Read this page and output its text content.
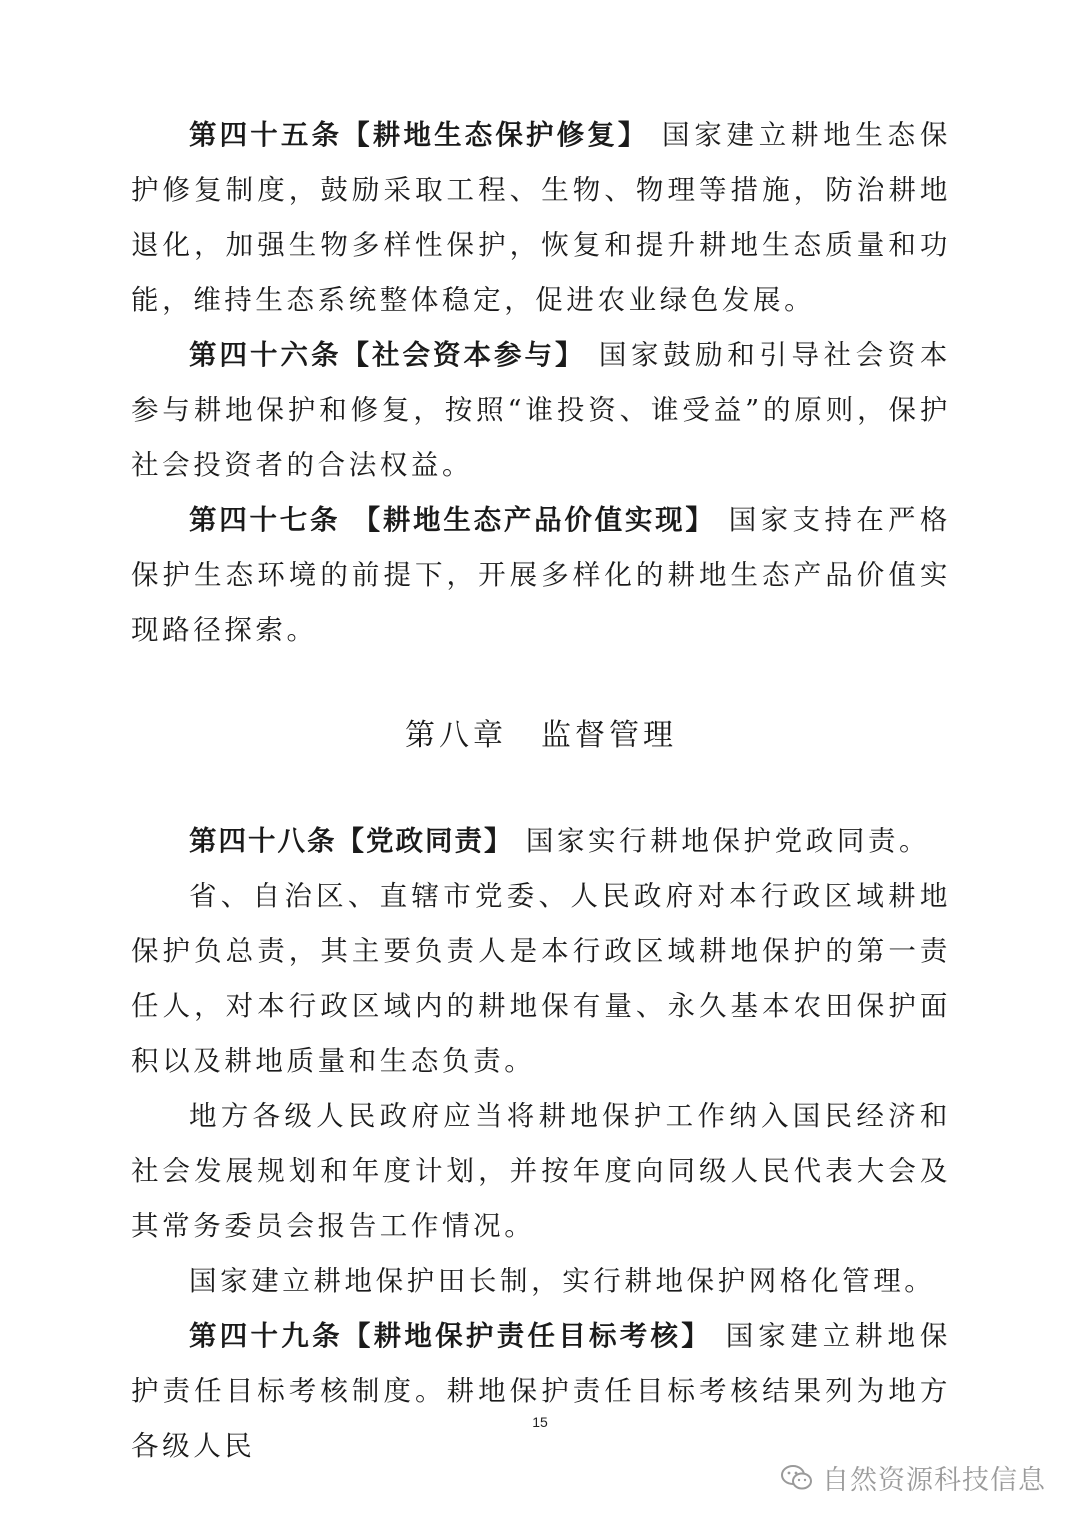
第四十五条【耕地生态保护修复】 国家建立耕地生态保护修复制度，鼓励采取工程、生物、物理等措施，防治耕地退化，加强生物多样性保护，恢复和提升耕地生态质量和功能，维持生态系统整体稳定，促进农业绿色发展。

第四十六条【社会资本参与】 国家鼓励和引导社会资本参与耕地保护和修复，按照“谁投资、谁受益”的原则，保护社会投资者的合法权益。

第四十七条 【耕地生态产品价值实现】 国家支持在严格保护生态环境的前提下，开展多样化的耕地生态产品价值实现路径探索。

第八章　监督管理

第四十八条【党政同责】 国家实行耕地保护党政同责。

省、自治区、直辖市党委、人民政府对本行政区域耕地保护负总责，其主要负责人是本行政区域耕地保护的第一责任人，对本行政区域内的耕地保有量、永久基本农田保护面积以及耕地质量和生态负责。

地方各级人民政府应当将耕地保护工作纳入国民经济和社会发展规划和年度计划，并按年度向同级人民代表大会及其常务委员会报告工作情况。

国家建立耕地保护田长制，实行耕地保护网格化管理。

第四十九条【耕地保护责任目标考核】 国家建立耕地保护责任目标考核制度。耕地保护责任目标考核结果列为地方各级人民

15
自然资源科技信息
